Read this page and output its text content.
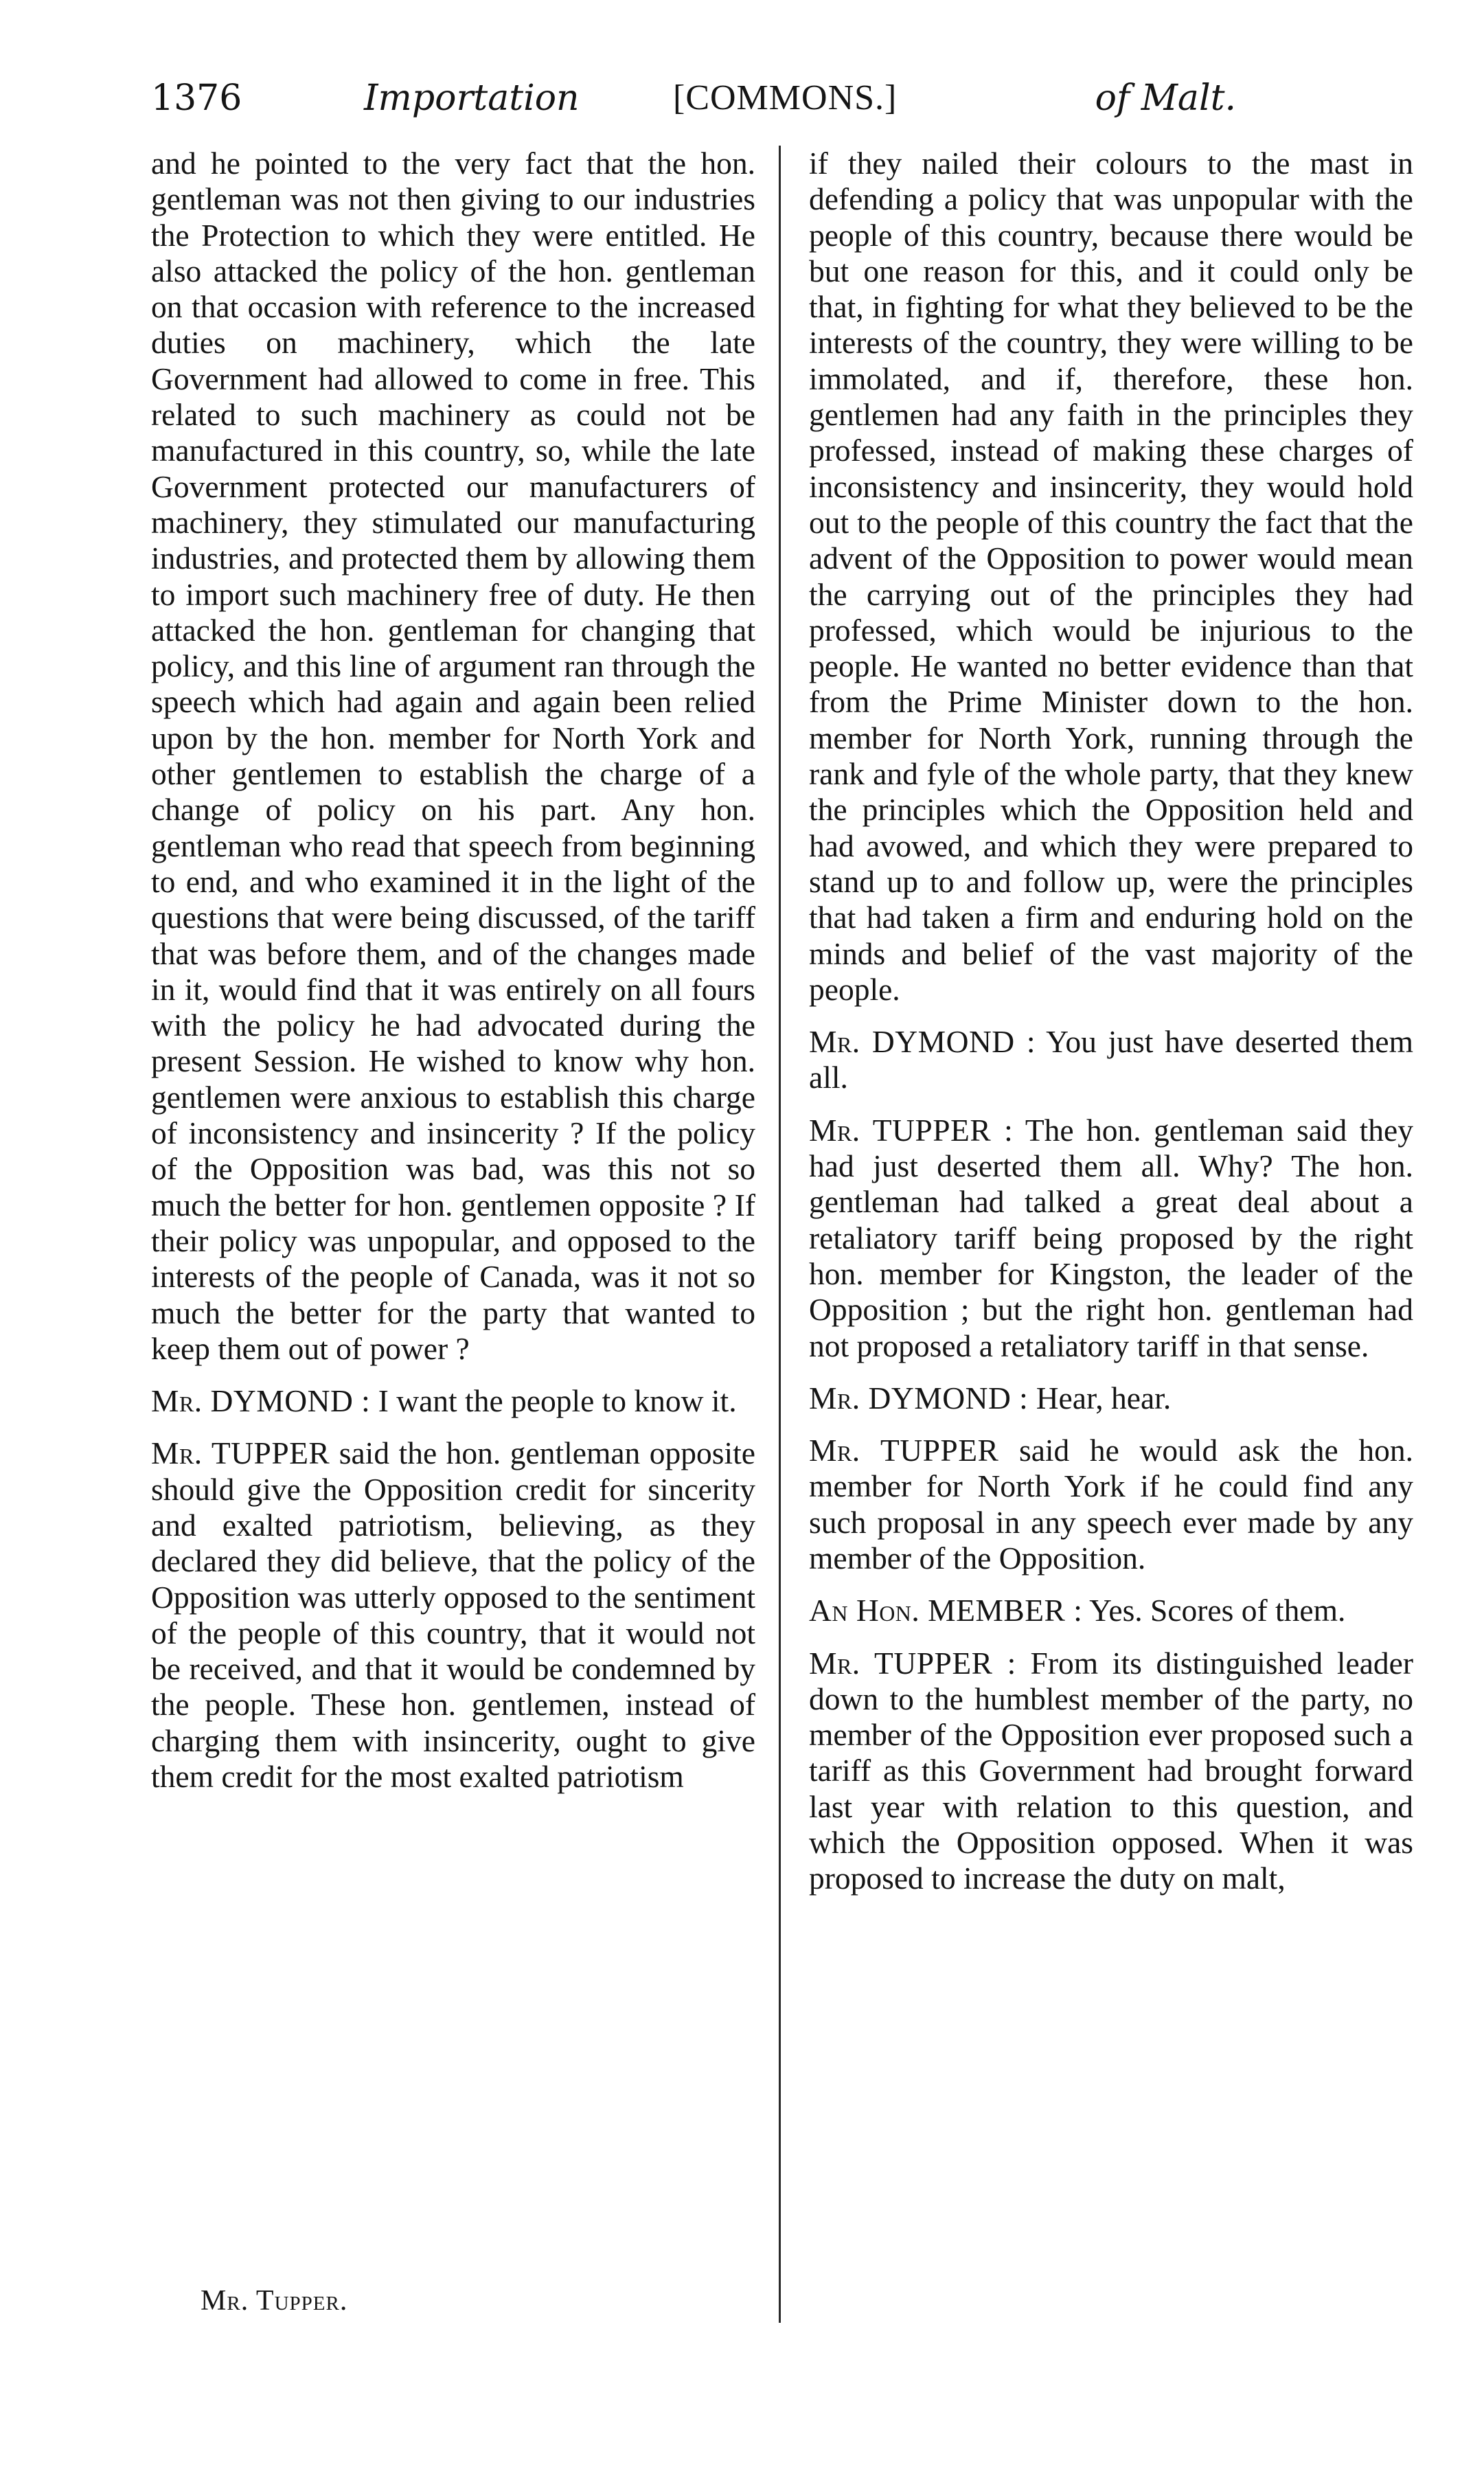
1376	Importation	[COMMONS.]	of Malt.

and he pointed to the very fact that the hon. gentleman was not then giving to our industries the Protection to which they were entitled. He also attacked the policy of the hon. gentleman on that occasion with reference to the increased duties on machinery, which the late Government had allowed to come in free. This related to such machinery as could not be manufactured in this country, so, while the late Government protected our manufacturers of machinery, they stimulated our manufacturing industries, and protected them by allowing them to import such machinery free of duty. He then attacked the hon. gentleman for changing that policy, and this line of argument ran through the speech which had again and again been relied upon by the hon. member for North York and other gentlemen to establish the charge of a change of policy on his part. Any hon. gentleman who read that speech from beginning to end, and who examined it in the light of the questions that were being discussed, of the tariff that was before them, and of the changes made in it, would find that it was entirely on all fours with the policy he had advocated during the present Session. He wished to know why hon. gentlemen were anxious to establish this charge of inconsistency and insincerity ? If the policy of the Opposition was bad, was this not so much the better for hon. gentlemen opposite ? If their policy was unpopular, and opposed to the interests of the people of Canada, was it not so much the better for the party that wanted to keep them out of power ?

Mr. DYMOND : I want the people to know it.

Mr. TUPPER said the hon. gentleman opposite should give the Opposition credit for sincerity and exalted patriotism, believing, as they declared they did believe, that the policy of the Opposition was utterly opposed to the sentiment of the people of this country, that it would not be received, and that it would be condemned by the people. These hon. gentlemen, instead of charging them with insincerity, ought to give them credit for the most exalted patriotism

if they nailed their colours to the mast in defending a policy that was unpopular with the people of this country, because there would be but one reason for this, and it could only be that, in fighting for what they believed to be the interests of the country, they were willing to be immolated, and if, therefore, these hon. gentlemen had any faith in the principles they professed, instead of making these charges of inconsistency and insincerity, they would hold out to the people of this country the fact that the advent of the Opposition to power would mean the carrying out of the principles they had professed, which would be injurious to the people. He wanted no better evidence than that from the Prime Minister down to the hon. member for North York, running through the rank and fyle of the whole party, that they knew the principles which the Opposition held and had avowed, and which they were prepared to stand up to and follow up, were the principles that had taken a firm and enduring hold on the minds and belief of the vast majority of the people.

Mr. DYMOND : You just have deserted them all.

Mr. TUPPER : The hon. gentleman said they had just deserted them all. Why? The hon. gentleman had talked a great deal about a retaliatory tariff being proposed by the right hon. member for Kingston, the leader of the Opposition ; but the right hon. gentleman had not proposed a retaliatory tariff in that sense.

Mr. DYMOND : Hear, hear.

Mr. TUPPER said he would ask the hon. member for North York if he could find any such proposal in any speech ever made by any member of the Opposition.

An Hon. MEMBER : Yes. Scores of them.

Mr. TUPPER : From its distinguished leader down to the humblest member of the party, no member of the Opposition ever proposed such a tariff as this Government had brought forward last year with relation to this question, and which the Opposition opposed. When it was proposed to increase the duty on malt,

Mr. Tupper.
